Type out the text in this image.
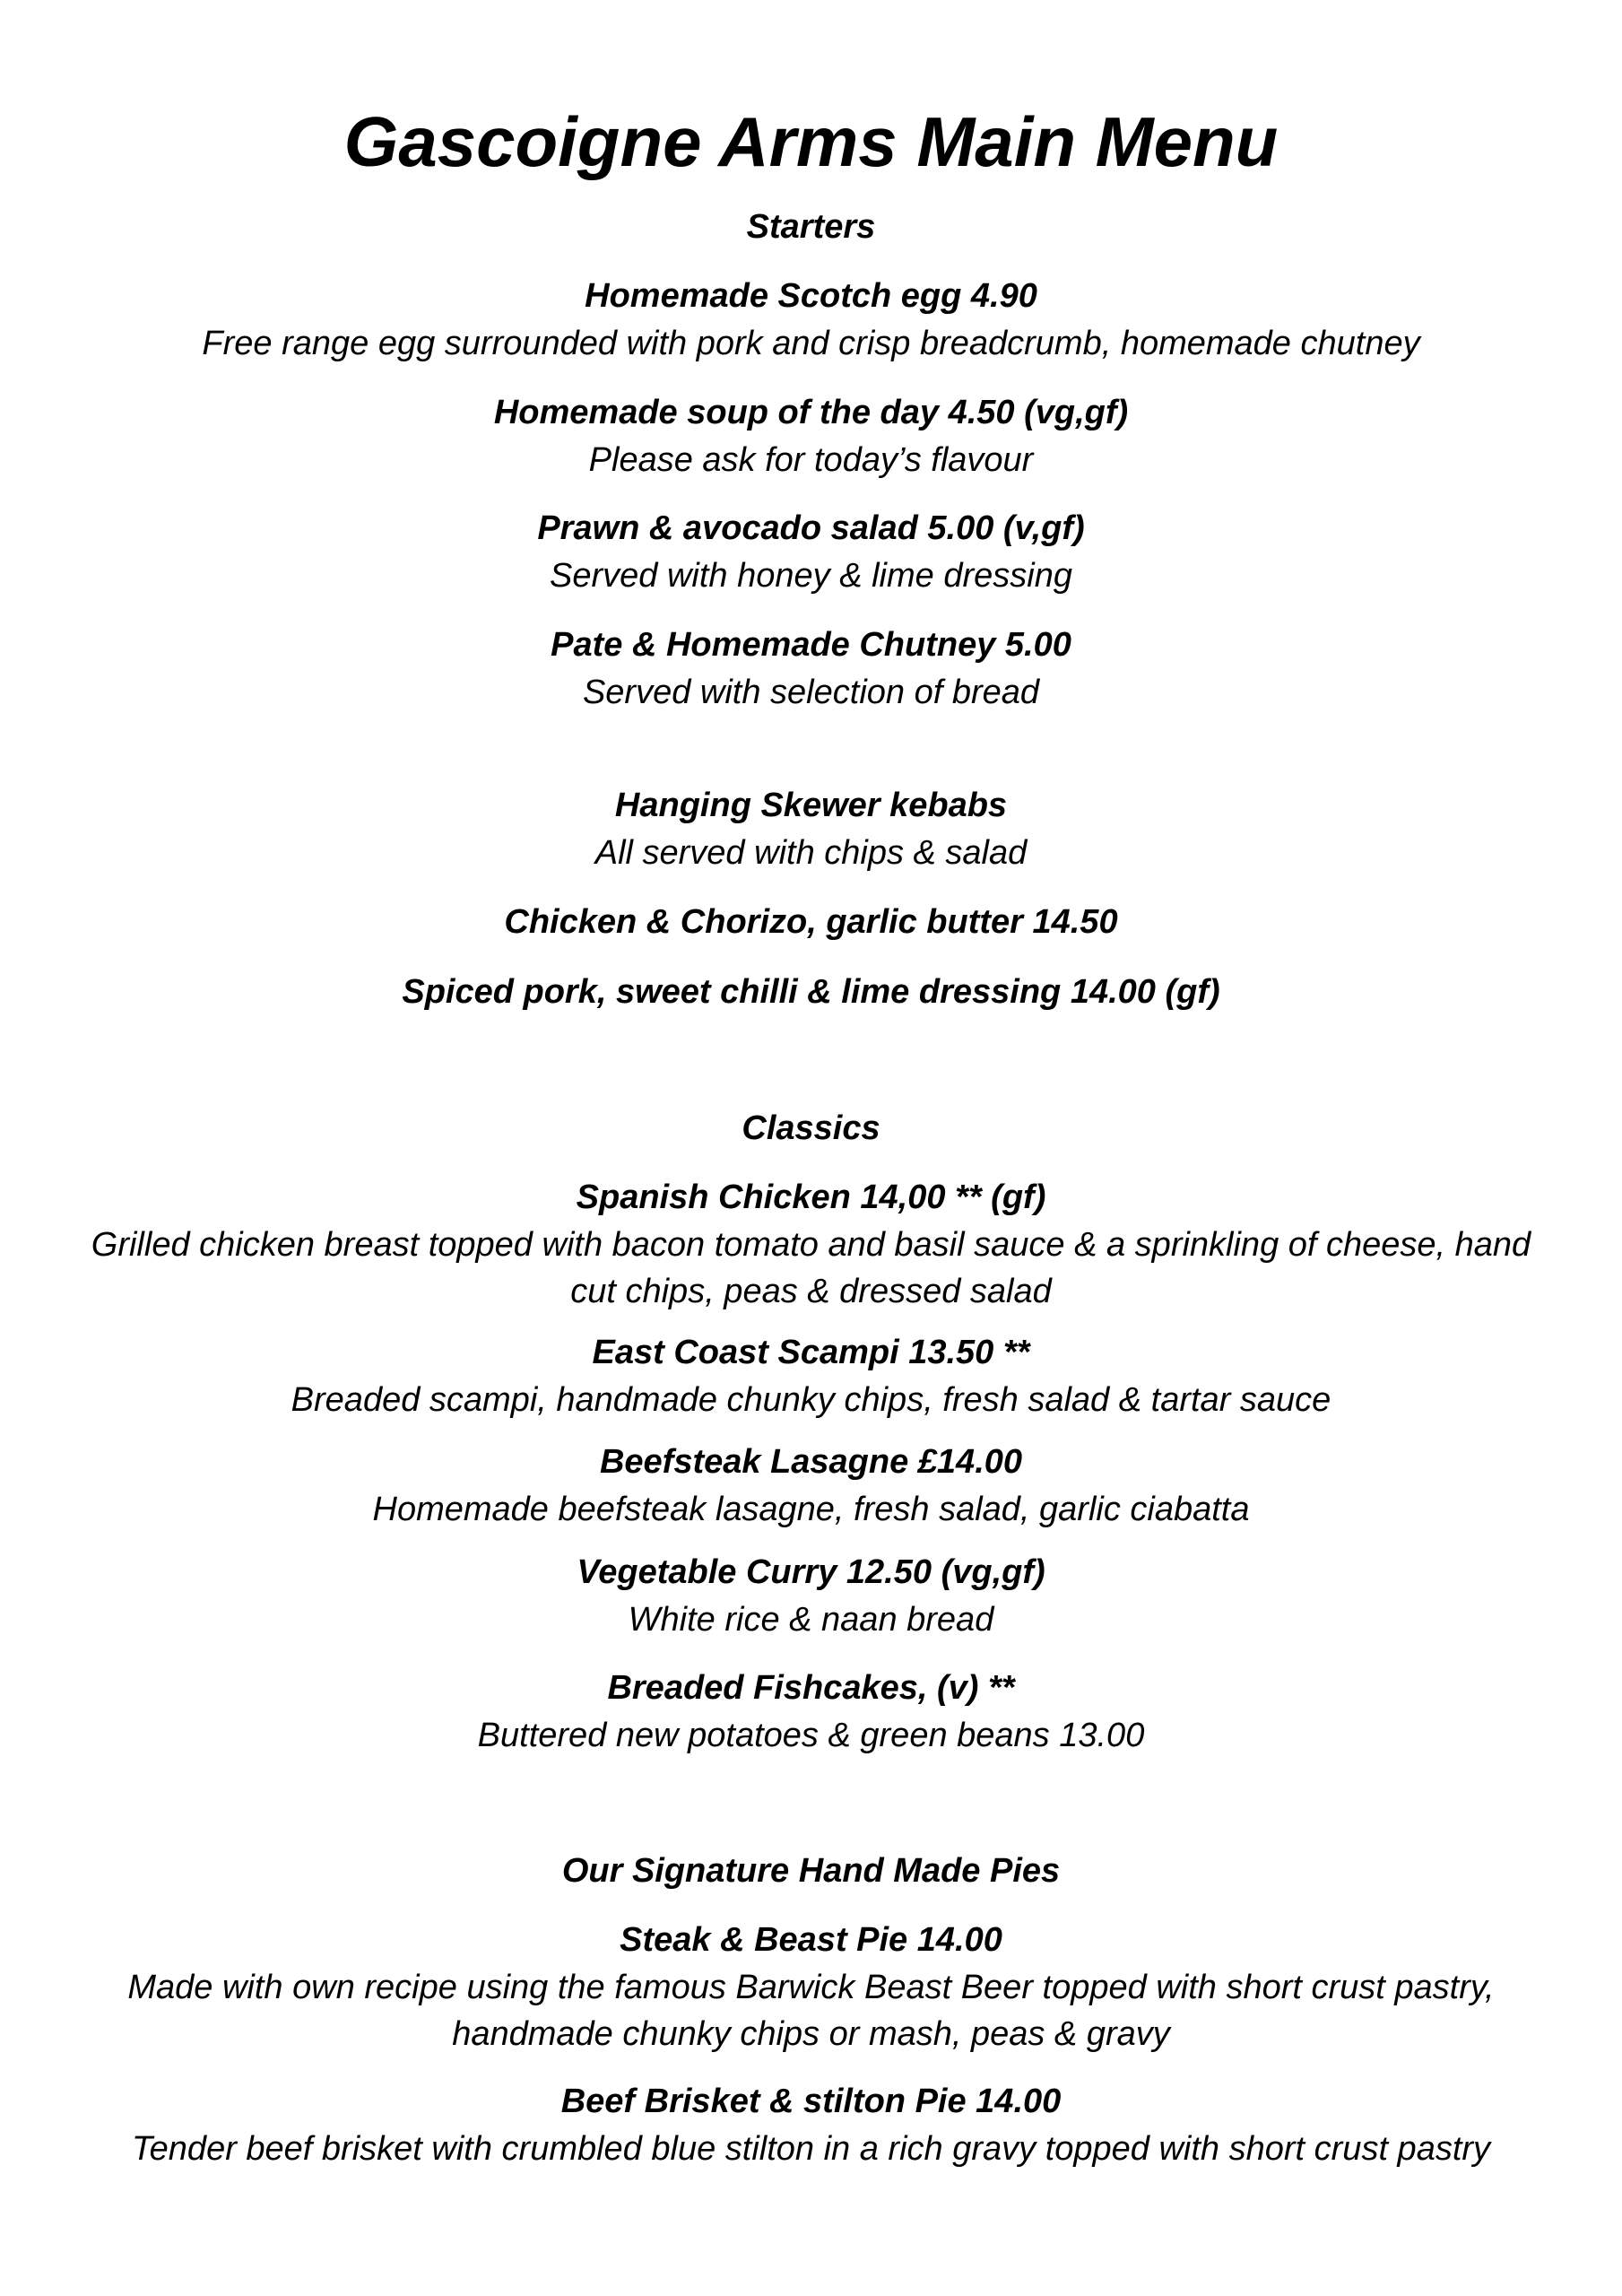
Gascoigne Arms Main Menu
Starters
Homemade Scotch egg 4.90
Free range egg surrounded with pork and crisp breadcrumb, homemade chutney
Homemade soup of the day 4.50 (vg,gf)
Please ask for today’s flavour
Prawn & avocado salad 5.00 (v,gf)
Served with honey & lime dressing
Pate & Homemade Chutney 5.00
Served with selection of bread
Hanging Skewer kebabs
All served with chips & salad
Chicken & Chorizo, garlic butter 14.50
Spiced pork, sweet chilli & lime dressing 14.00 (gf)
Classics
Spanish Chicken 14,00 ** (gf)
Grilled chicken breast topped with bacon tomato and basil sauce & a sprinkling of cheese, hand
cut chips, peas & dressed salad
East Coast Scampi 13.50 **
Breaded scampi, handmade chunky chips, fresh salad & tartar sauce
Beefsteak Lasagne £14.00
Homemade beefsteak lasagne, fresh salad, garlic ciabatta
Vegetable Curry 12.50 (vg,gf)
White rice & naan bread
Breaded Fishcakes, (v) **
Buttered new potatoes & green beans 13.00
Our Signature Hand Made Pies
Steak & Beast Pie 14.00
Made with own recipe using the famous Barwick Beast Beer topped with short crust pastry,
handmade chunky chips or mash, peas & gravy
Beef Brisket & stilton Pie 14.00
Tender beef brisket with crumbled blue stilton in a rich gravy topped with short crust pastry
